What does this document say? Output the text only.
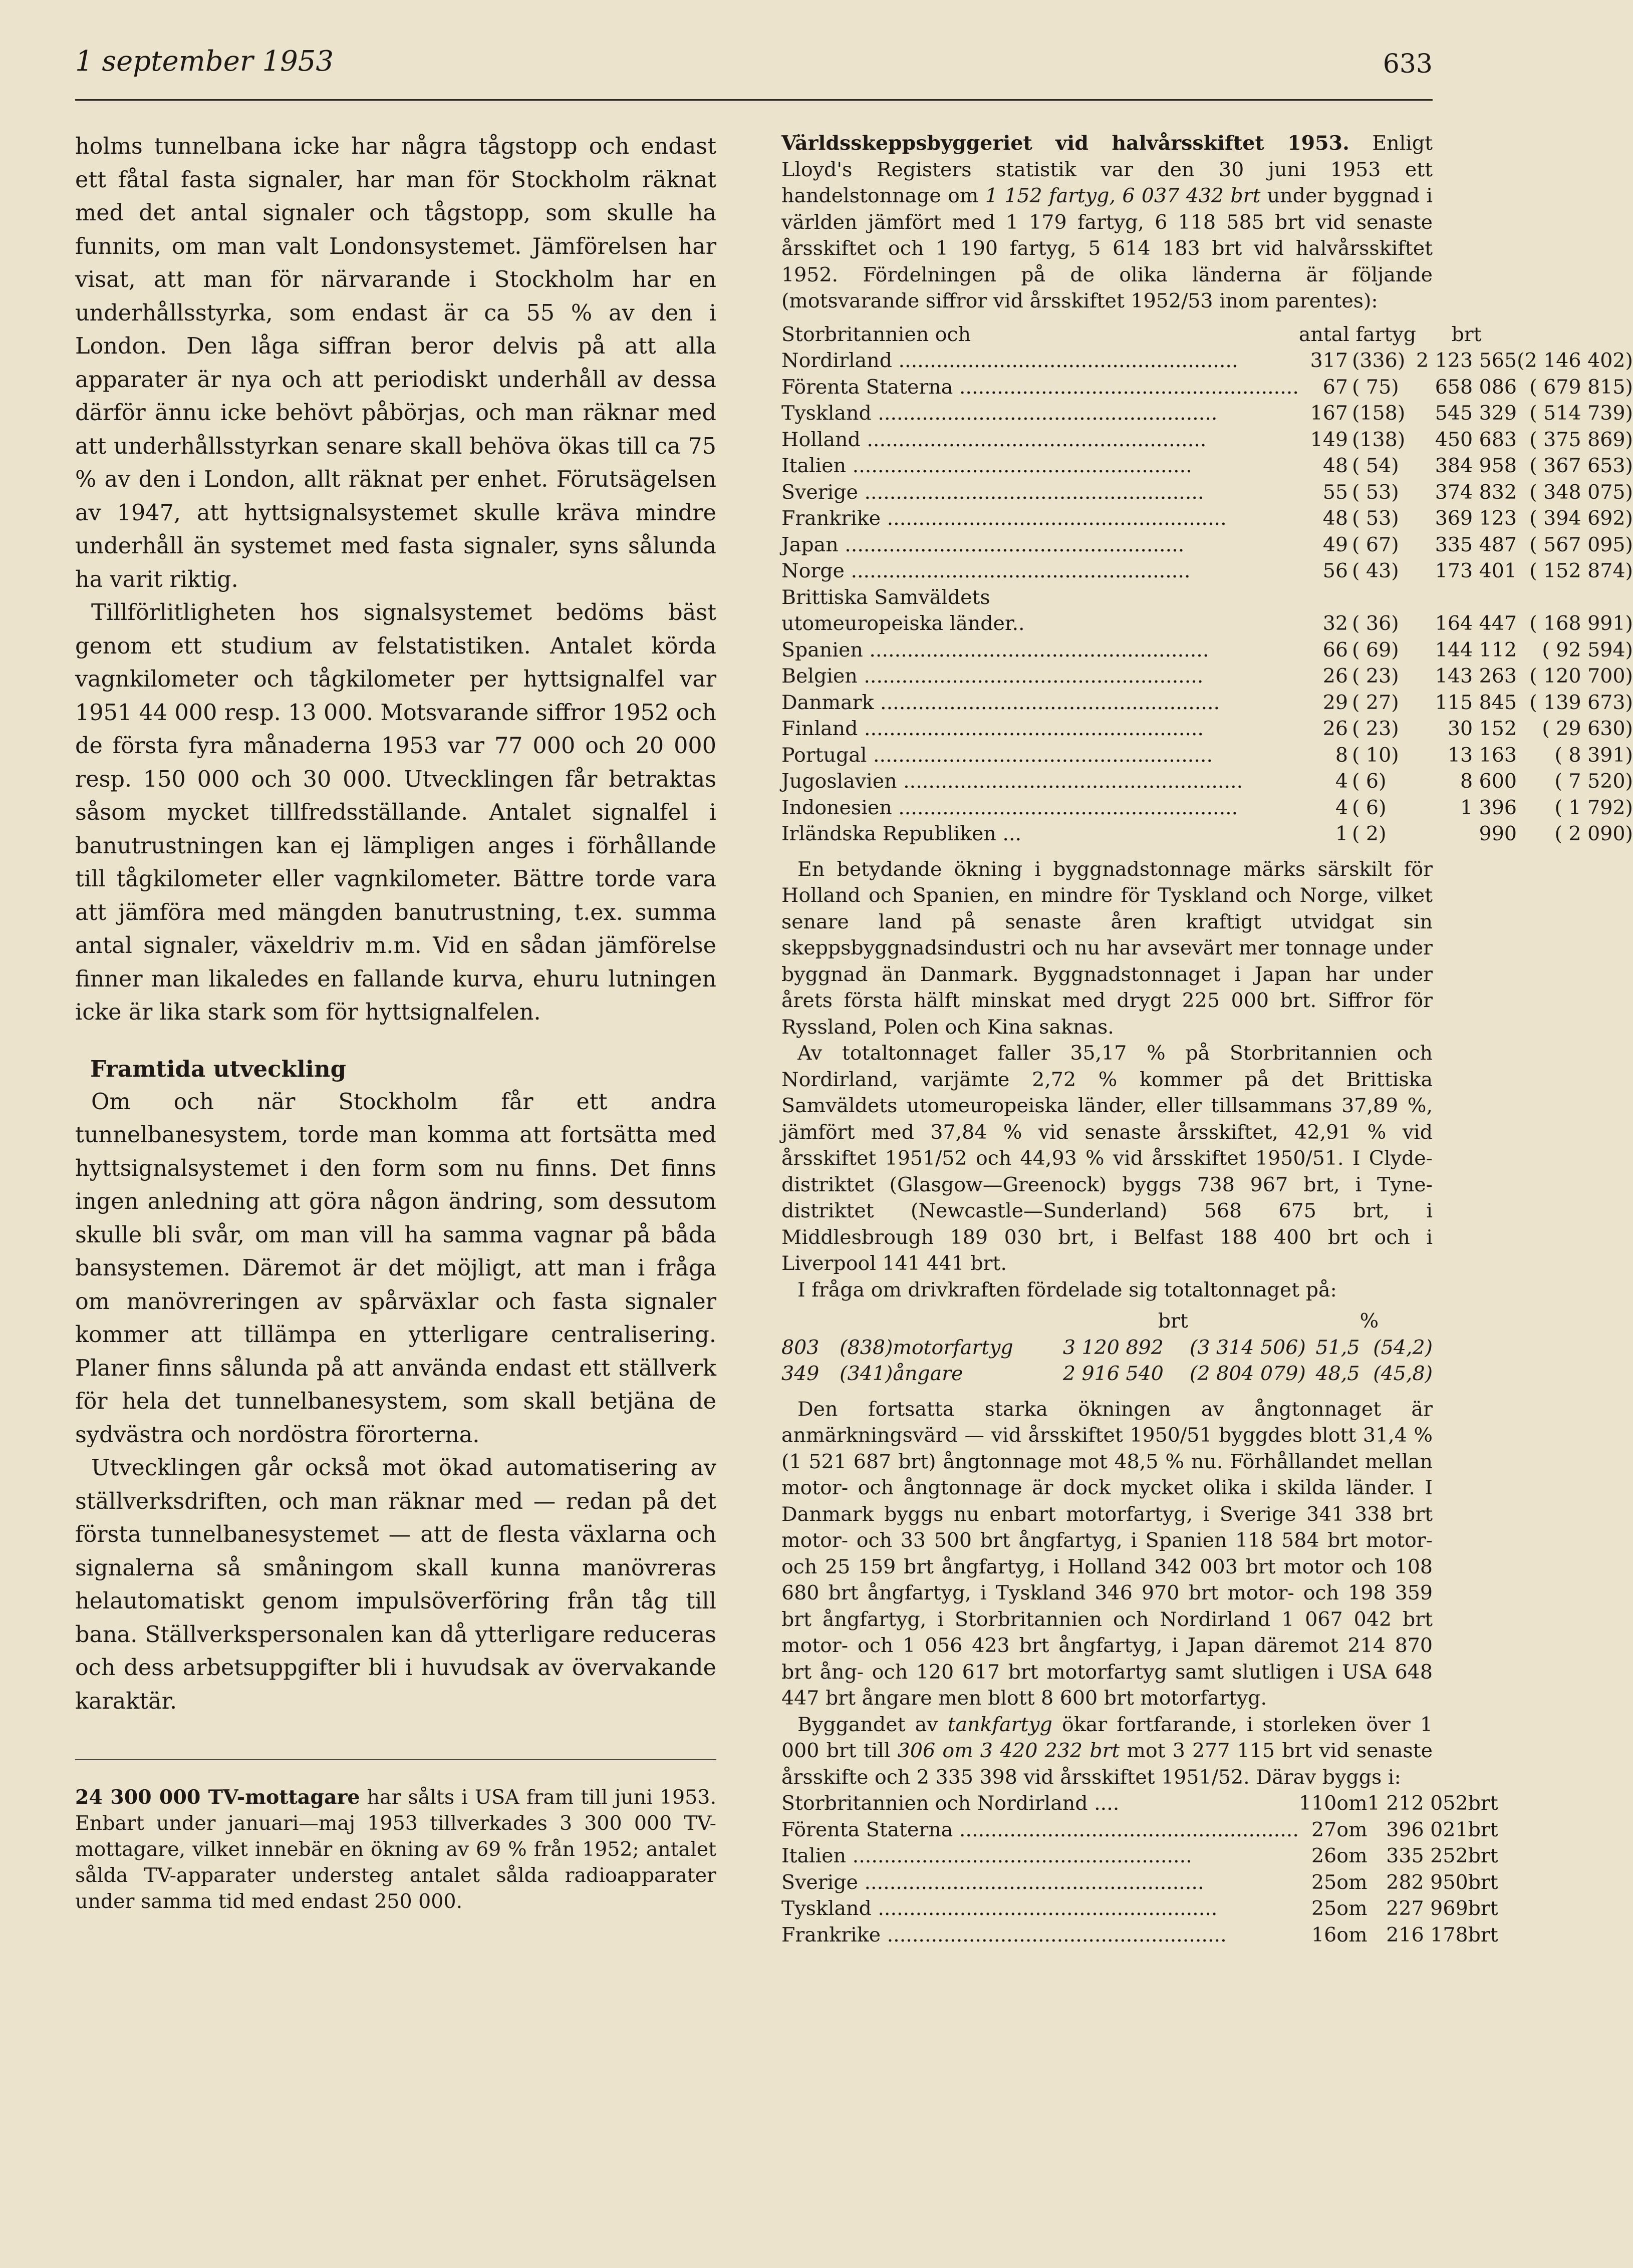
1 september 1953	633

holms tunnelbana icke har några tågstopp och endast ett fåtal fasta signaler, har man för Stockholm räknat med det antal signaler och tågstopp, som skulle ha funnits, om man valt Londonsystemet. Jämförelsen har visat, att man för närvarande i Stockholm har en underhållsstyrka, som endast är ca 55 % av den i London. Den låga siffran beror delvis på att alla apparater är nya och att periodiskt underhåll av dessa därför ännu icke behövt påbörjas, och man räknar med att underhållsstyrkan senare skall behöva ökas till ca 75 % av den i London, allt räknat per enhet. Förutsägelsen av 1947, att hyttsignalsystemet skulle kräva mindre underhåll än systemet med fasta signaler, syns sålunda ha varit riktig.

Tillförlitligheten hos signalsystemet bedöms bäst genom ett studium av felstatistiken. Antalet körda vagnkilometer och tågkilometer per hyttsignalfel var 1951 44 000 resp. 13 000. Motsvarande siffror 1952 och de första fyra månaderna 1953 var 77 000 och 20 000 resp. 150 000 och 30 000. Utvecklingen får betraktas såsom mycket tillfredsställande. Antalet signalfel i banutrustningen kan ej lämpligen anges i förhållande till tågkilometer eller vagnkilometer. Bättre torde vara att jämföra med mängden banutrustning, t.ex. summa antal signaler, växeldriv m.m. Vid en sådan jämförelse finner man likaledes en fallande kurva, ehuru lutningen icke är lika stark som för hyttsignalfelen.

Framtida utveckling

Om och när Stockholm får ett andra tunnelbanesystem, torde man komma att fortsätta med hyttsignalsystemet i den form som nu finns. Det finns ingen anledning att göra någon ändring, som dessutom skulle bli svår, om man vill ha samma vagnar på båda bansystemen. Däremot är det möjligt, att man i fråga om manövreringen av spårväxlar och fasta signaler kommer att tillämpa en ytterligare centralisering. Planer finns sålunda på att använda endast ett ställverk för hela det tunnelbanesystem, som skall betjäna de sydvästra och nordöstra förorterna.

Utvecklingen går också mot ökad automatisering av ställverksdriften, och man räknar med — redan på det första tunnelbanesystemet — att de flesta växlarna och signalerna så småningom skall kunna manövreras helautomatiskt genom impulsöverföring från tåg till bana. Ställverkspersonalen kan då ytterligare reduceras och dess arbetsuppgifter bli i huvudsak av övervakande karaktär.

24 300 000 TV-mottagare har sålts i USA fram till juni 1953. Enbart under januari—maj 1953 tillverkades 3 300 000 TV-mottagare, vilket innebär en ökning av 69 % från 1952; antalet sålda TV-apparater understeg antalet sålda radioapparater under samma tid med endast 250 000.

Världsskeppsbyggeriet vid halvårsskiftet 1953. Enligt Lloyd's Registers statistik var den 30 juni 1953 ett handelstonnage om 1 152 fartyg, 6 037 432 brt under byggnad i världen jämfört med 1 179 fartyg, 6 118 585 brt vid senaste årsskiftet och 1 190 fartyg, 5 614 183 brt vid halvårsskiftet 1952. Fördelningen på de olika länderna är följande (motsvarande siffror vid årsskiftet 1952/53 inom parentes):

Storbritannien och	antal fartyg		brt	
Nordirland .....	317	(336)	2 123 565	(2 146 402)
Förenta Staterna .....	67	( 75)	658 086	( 679 815)
Tyskland .....	167	(158)	545 329	( 514 739)
Holland .....	149	(138)	450 683	( 375 869)
Italien .....	48	( 54)	384 958	( 367 653)
Sverige .....	55	( 53)	374 832	( 348 075)
Frankrike .....	48	( 53)	369 123	( 394 692)
Japan .....	49	( 67)	335 487	( 567 095)
Norge .....	56	( 43)	173 401	( 152 874)
Brittiska Samväldets				
utomeuropeiska länder..	32	( 36)	164 447	( 168 991)
Spanien .....	66	( 69)	144 112	( 92 594)
Belgien .....	26	( 23)	143 263	( 120 700)
Danmark .....	29	( 27)	115 845	( 139 673)
Finland .....	26	( 23)	30 152	( 29 630)
Portugal .....	8	( 10)	13 163	( 8 391)
Jugoslavien .....	4	( 6)	8 600	( 7 520)
Indonesien .....	4	( 6)	1 396	( 1 792)
Irländska Republiken ...	1	( 2)	990	( 2 090)

En betydande ökning i byggnadstonnage märks särskilt för Holland och Spanien, en mindre för Tyskland och Norge, vilket senare land på senaste åren kraftigt utvidgat sin skeppsbyggnadsindustri och nu har avsevärt mer tonnage under byggnad än Danmark. Byggnadstonnaget i Japan har under årets första hälft minskat med drygt 225 000 brt. Siffror för Ryssland, Polen och Kina saknas.

Av totaltonnaget faller 35,17 % på Storbritannien och Nordirland, varjämte 2,72 % kommer på det Brittiska Samväldets utomeuropeiska länder, eller tillsammans 37,89 %, jämfört med 37,84 % vid senaste årsskiftet, 42,91 % vid årsskiftet 1951/52 och 44,93 % vid årsskiftet 1950/51. I Clyde-distriktet (Glasgow—Greenock) byggs 738 967 brt, i Tyne-distriktet (Newcastle—Sunderland) 568 675 brt, i Middlesbrough 189 030 brt, i Belfast 188 400 brt och i Liverpool 141 441 brt.

I fråga om drivkraften fördelade sig totaltonnaget på:

			brt		%	
803	(838)	motorfartyg	3 120 892	(3 314 506)	51,5	(54,2)
349	(341)	ångare	2 916 540	(2 804 079)	48,5	(45,8)

Den fortsatta starka ökningen av ångtonnaget är anmärkningsvärd — vid årsskiftet 1950/51 byggdes blott 31,4 % (1 521 687 brt) ångtonnage mot 48,5 % nu. Förhållandet mellan motor- och ångtonnage är dock mycket olika i skilda länder. I Danmark byggs nu enbart motorfartyg, i Sverige 341 338 brt motor- och 33 500 brt ångfartyg, i Spanien 118 584 brt motor- och 25 159 brt ångfartyg, i Holland 342 003 brt motor och 108 680 brt ångfartyg, i Tyskland 346 970 brt motor- och 198 359 brt ångfartyg, i Storbritannien och Nordirland 1 067 042 brt motor- och 1 056 423 brt ångfartyg, i Japan däremot 214 870 brt ång- och 120 617 brt motorfartyg samt slutligen i USA 648 447 brt ångare men blott 8 600 brt motorfartyg.

Byggandet av tankfartyg ökar fortfarande, i storleken över 1 000 brt till 306 om 3 420 232 brt mot 3 277 115 brt vid senaste årsskifte och 2 335 398 vid årsskiftet 1951/52. Därav byggs i:

Storbritannien och Nordirland ....	110	om	1 212 052	brt
Förenta Staterna .....	27	om	396 021	brt
Italien .....	26	om	335 252	brt
Sverige .....	25	om	282 950	brt
Tyskland .....	25	om	227 969	brt
Frankrike .....	16	om	216 178	brt
